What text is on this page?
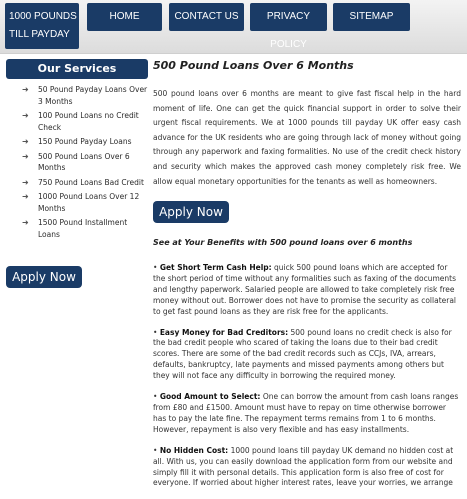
1000 POUNDS
TILL PAYDAY
HOME	CONTACT US	PRIVACY POLICY
SITEMAP
Our Services
➜ 50 Pound Payday Loans Over 3 Months
➜ 100 Pound Loans no Credit Check
➜ 150 Pound Payday Loans
➜ 500 Pound Loans Over 6 Months
➜ 750 Pound Loans Bad Credit
➜ 1000 Pound Loans Over 12 Months
➜ 1500 Pound Installment Loans
Apply Now
500 Pound Loans Over 6 Months

500 pound loans over 6 months are meant to give fast fiscal help in the hard moment of life. One can get the quick financial support in order to solve their urgent fiscal requirements. We at 1000 pounds till payday UK offer easy cash advance for the UK residents who are going through lack of money without going through any paperwork and faxing formalities. No use of the credit check history and security which makes the approved cash money completely risk free. We allow equal monetary opportunities for the tenants as well as homeowners.

Apply Now
See at Your Benefits with 500 pound loans over 6 months

• Get Short Term Cash Help: quick 500 pound loans which are accepted for the short period of time without any formalities such as faxing of the documents and lengthy paperwork. Salaried people are allowed to take completely risk free money without out. Borrower does not have to promise the security as collateral to get fast pound loans as they are risk free for the applicants.

• Easy Money for Bad Creditors: 500 pound loans no credit check is also for the bad credit people who scared of taking the loans due to their bad credit scores. There are some of the bad credit records such as CCJs, IVA, arrears, defaults, bankruptcy, late payments and missed payments among others but they will not face any difficulty in borrowing the required money.

• Good Amount to Select: One can borrow the amount from cash loans ranges from £80 and £1500. Amount must have to repay on time otherwise borrower has to pay the late fine. The repayment terms remains from 1 to 6 months. However, repayment is also very flexible and has easy installments.

• No Hidden Cost: 1000 pound loans till payday UK demand no hidden cost at all. With us, you can easily download the application form from our website and simply fill it with personal details. This application form is also free of cost for everyone. If worried about higher interest rates, leave your worries, we arrange
